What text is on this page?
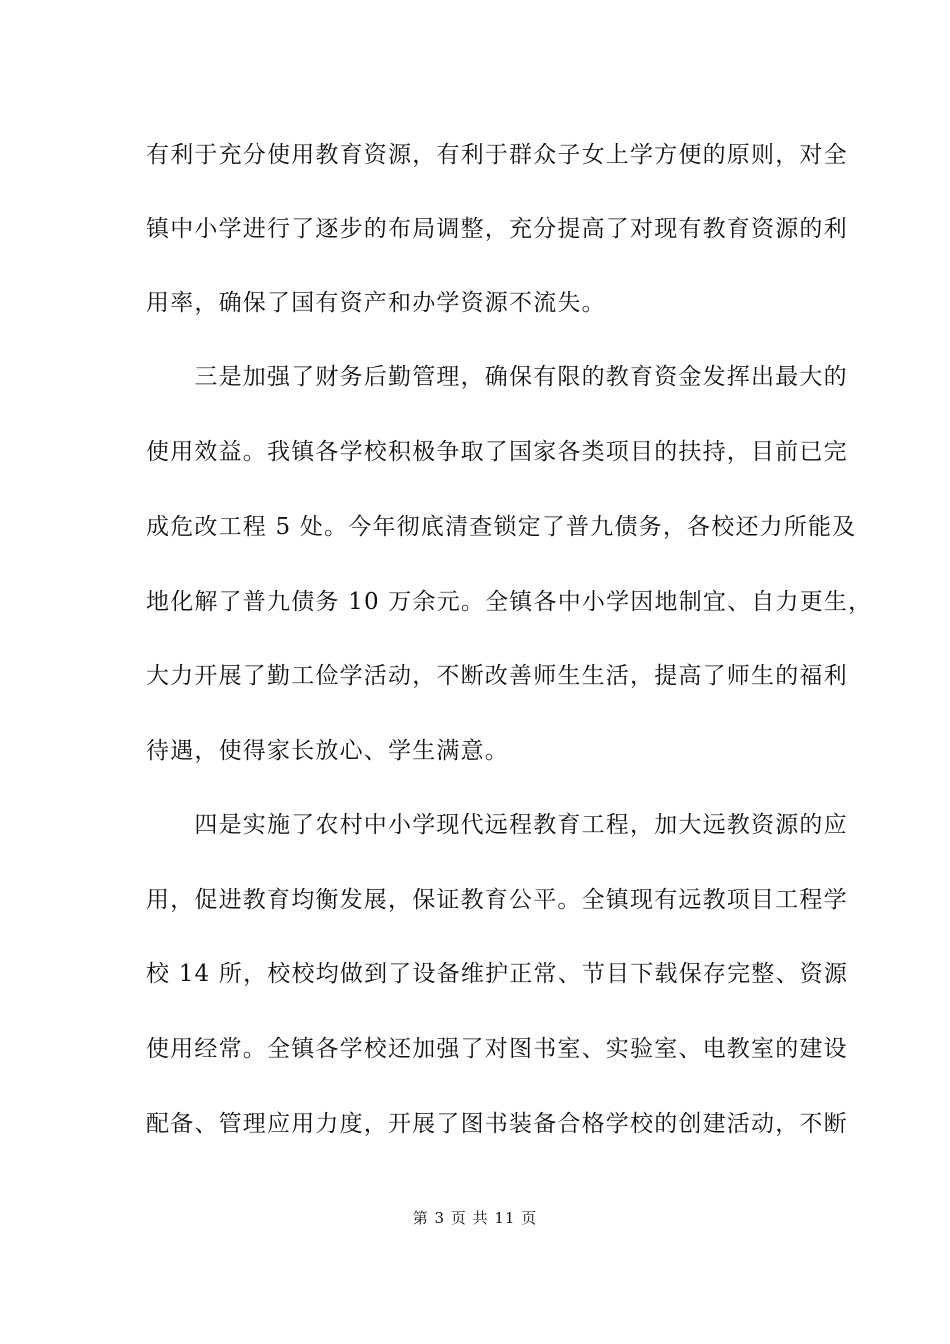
有利于充分使用教育资源，有利于群众子女上学方便的原则，对全
镇中小学进行了逐步的布局调整，充分提高了对现有教育资源的利
用率，确保了国有资产和办学资源不流失。
　　三是加强了财务后勤管理，确保有限的教育资金发挥出最大的
使用效益。我镇各学校积极争取了国家各类项目的扶持，目前已完
成危改工程 5 处。今年彻底清查锁定了普九债务，各校还力所能及
地化解了普九债务 10 万余元。全镇各中小学因地制宜、自力更生，
大力开展了勤工俭学活动，不断改善师生生活，提高了师生的福利
待遇，使得家长放心、学生满意。
　　四是实施了农村中小学现代远程教育工程，加大远教资源的应
用，促进教育均衡发展，保证教育公平。全镇现有远教项目工程学
校 14 所，校校均做到了设备维护正常、节目下载保存完整、资源
使用经常。全镇各学校还加强了对图书室、实验室、电教室的建设
配备、管理应用力度，开展了图书装备合格学校的创建活动，不断
第 3 页 共 11 页
